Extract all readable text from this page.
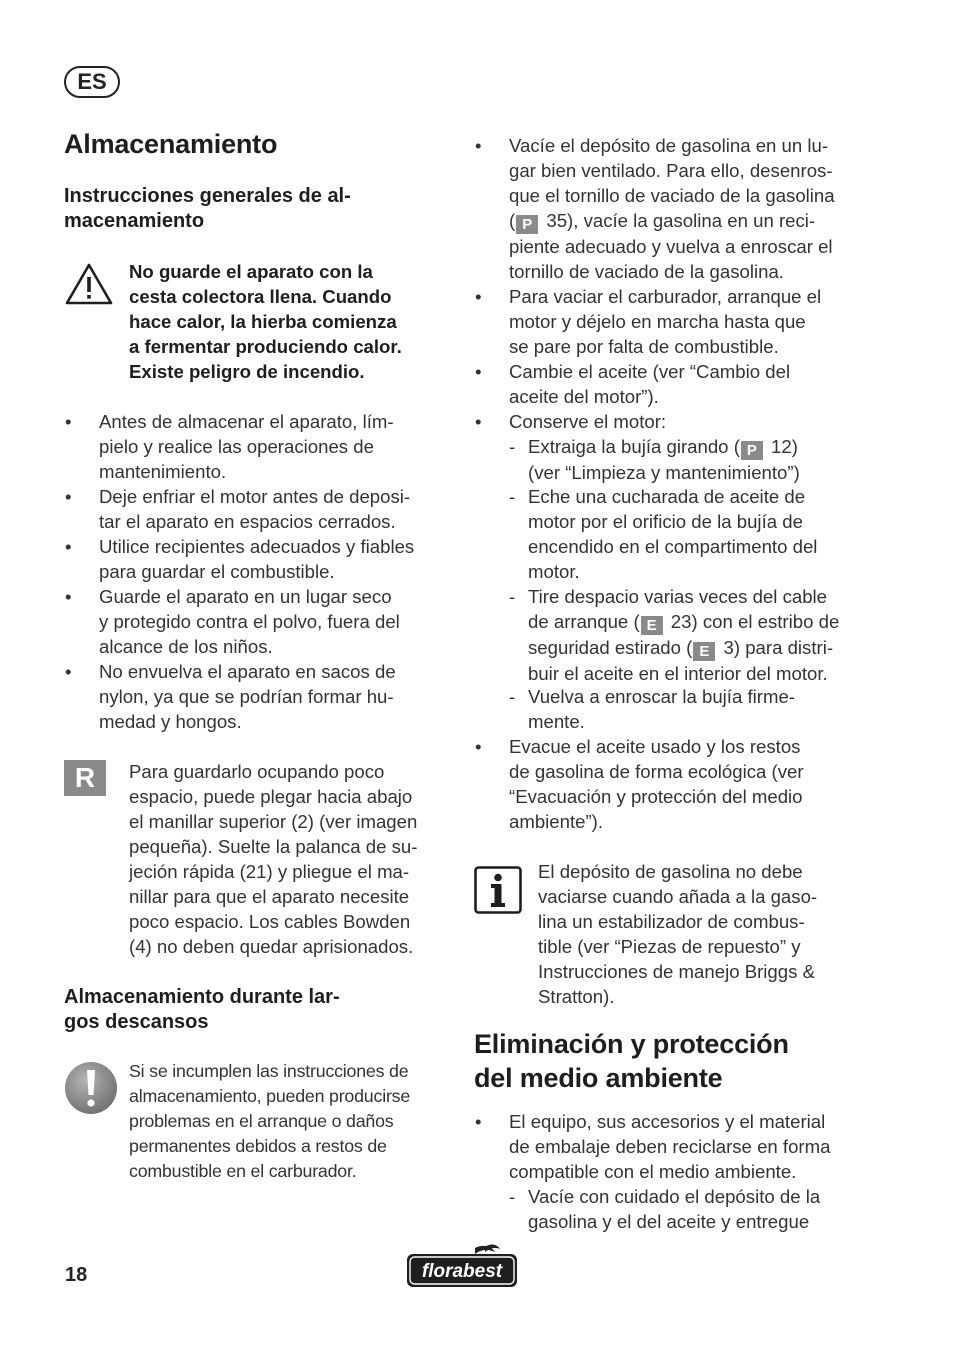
ES
Almacenamiento
Instrucciones generales de al-
macenamiento
No guarde el aparato con la
cesta colectora llena. Cuando
hace calor, la hierba comienza
a fermentar produciendo calor.
Existe peligro de incendio.
• Antes de almacenar el aparato, lím-
pielo y realice las operaciones de
mantenimiento.
• Deje enfriar el motor antes de deposi-
tar el aparato en espacios cerrados.
• Utilice recipientes adecuados y fiables
para guardar el combustible.
• Guarde el aparato en un lugar seco
y protegido contra el polvo, fuera del
alcance de los niños.
• No envuelva el aparato en sacos de
nylon, ya que se podrían formar hu-
medad y hongos.
R	Para guardarlo ocupando poco
espacio, puede plegar hacia abajo
el manillar superior (2) (ver imagen
pequeña). Suelte la palanca de su-
jeción rápida (21) y pliegue el ma-
nillar para que el aparato necesite
poco espacio. Los cables Bowden
(4) no deben quedar aprisionados.
Almacenamiento durante lar-
gos descansos
Si se incumplen las instrucciones de
almacenamiento, pueden producirse
problemas en el arranque o daños
permanentes debidos a restos de
combustible en el carburador.
• Vacíe el depósito de gasolina en un lu-
gar bien ventilado. Para ello, desenros-
que el tornillo de vaciado de la gasolina
( P 35), vacíe la gasolina en un reci-
piente adecuado y vuelva a enroscar el
tornillo de vaciado de la gasolina.
• Para vaciar el carburador, arranque el
motor y déjelo en marcha hasta que
se pare por falta de combustible.
• Cambie el aceite (ver “Cambio del
aceite del motor”).
• Conserve el motor:
- Extraiga la bujía girando ( P 12)
(ver “Limpieza y mantenimiento”)
- Eche una cucharada de aceite de
motor por el orificio de la bujía de
encendido en el compartimento del
motor.
- Tire despacio varias veces del cable
de arranque ( E 23) con el estribo de
seguridad estirado ( E 3) para distri-
buir el aceite en el interior del motor.
- Vuelva a enroscar la bujía firme-
mente.
• Evacue el aceite usado y los restos
de gasolina de forma ecológica (ver
“Evacuación y protección del medio
ambiente”).
El depósito de gasolina no debe
vaciarse cuando añada a la gaso-
lina un estabilizador de combus-
tible (ver “Piezas de repuesto” y
Instrucciones de manejo Briggs &
Stratton).
Eliminación y protección
del medio ambiente
• El equipo, sus accesorios y el material
de embalaje deben reciclarse en forma
compatible con el medio ambiente.
- Vacíe con cuidado el depósito de la
gasolina y el del aceite y entregue
18	florabest
